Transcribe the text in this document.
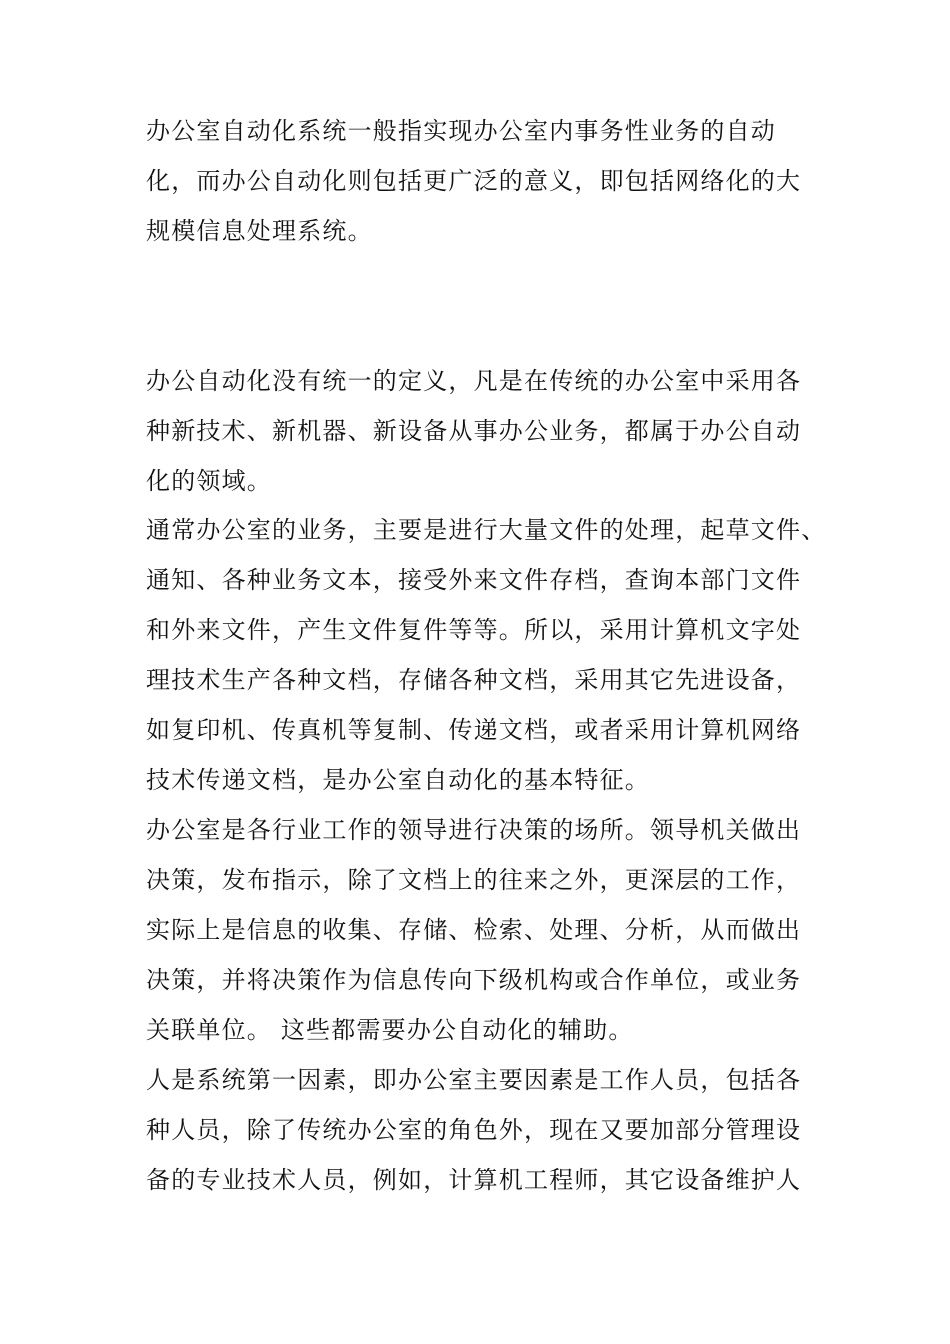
办公室自动化系统一般指实现办公室内事务性业务的自动
化，而办公自动化则包括更广泛的意义，即包括网络化的大
规模信息处理系统。

办公自动化没有统一的定义，凡是在传统的办公室中采用各
种新技术、新机器、新设备从事办公业务，都属于办公自动
化的领域。

通常办公室的业务，主要是进行大量文件的处理，起草文件、
通知、各种业务文本，接受外来文件存档，查询本部门文件
和外来文件，产生文件复件等等。所以，采用计算机文字处
理技术生产各种文档，存储各种文档，采用其它先进设备，
如复印机、传真机等复制、传递文档，或者采用计算机网络
技术传递文档，是办公室自动化的基本特征。

办公室是各行业工作的领导进行决策的场所。领导机关做出
决策，发布指示，除了文档上的往来之外，更深层的工作，
实际上是信息的收集、存储、检索、处理、分析，从而做出
决策，并将决策作为信息传向下级机构或合作单位，或业务
关联单位。 这些都需要办公自动化的辅助。

人是系统第一因素，即办公室主要因素是工作人员，包括各
种人员，除了传统办公室的角色外，现在又要加部分管理设
备的专业技术人员，例如，计算机工程师，其它设备维护人
